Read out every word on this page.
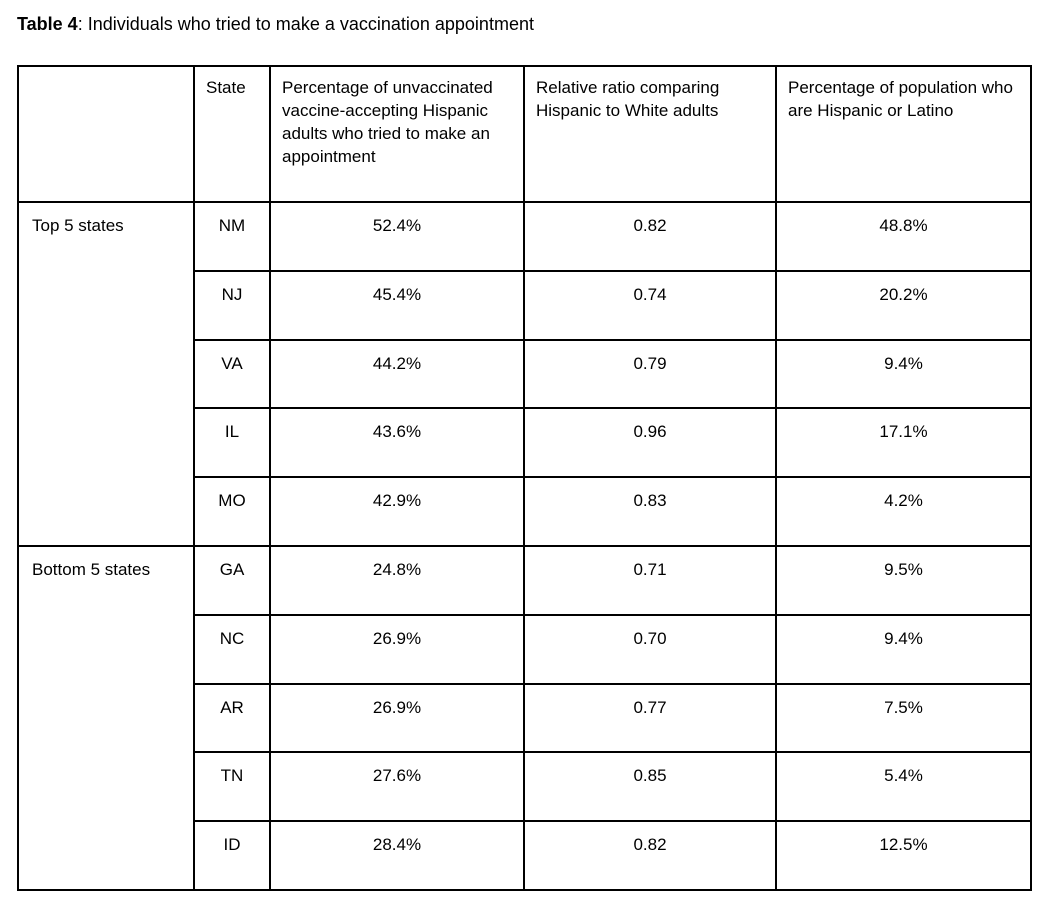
Table 4: Individuals who tried to make a vaccination appointment

	State	Percentage of unvaccinated vaccine-accepting Hispanic adults who tried to make an appointment	Relative ratio comparing Hispanic to White adults	Percentage of population who are Hispanic or Latino
Top 5 states	NM	52.4%	0.82	48.8%
	NJ	45.4%	0.74	20.2%
	VA	44.2%	0.79	9.4%
	IL	43.6%	0.96	17.1%
	MO	42.9%	0.83	4.2%
Bottom 5 states	GA	24.8%	0.71	9.5%
	NC	26.9%	0.70	9.4%
	AR	26.9%	0.77	7.5%
	TN	27.6%	0.85	5.4%
	ID	28.4%	0.82	12.5%
